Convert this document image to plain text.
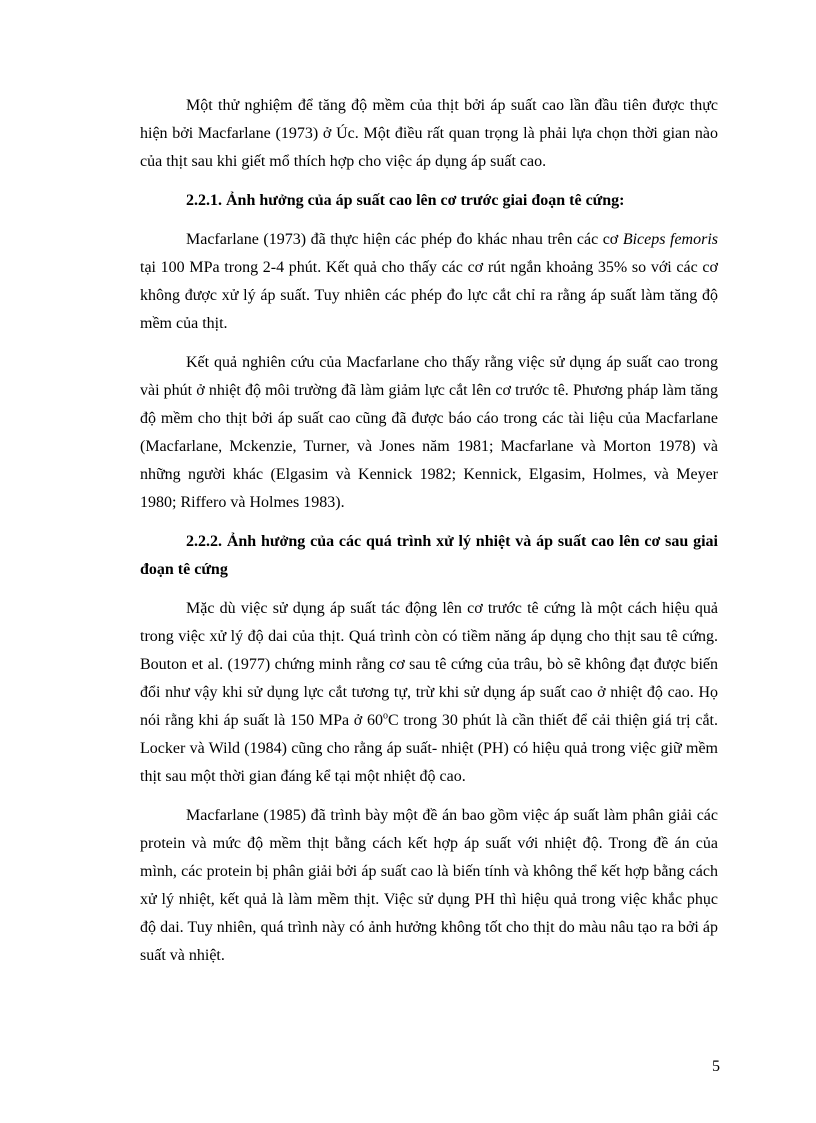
Một thử nghiệm để tăng độ mềm của thịt bởi áp suất cao lần đầu tiên được thực hiện bởi Macfarlane (1973) ở Úc. Một điều rất quan trọng là phải lựa chọn thời gian nào của thịt sau khi giết mổ thích hợp cho việc áp dụng áp suất cao.

2.2.1. Ảnh hưởng của áp suất cao lên cơ trước giai đoạn tê cứng:

Macfarlane (1973) đã thực hiện các phép đo khác nhau trên các cơ Biceps femoris tại 100 MPa trong 2-4 phút. Kết quả cho thấy các cơ rút ngắn khoảng 35% so với các cơ không được xử lý áp suất. Tuy nhiên các phép đo lực cắt chỉ ra rằng áp suất làm tăng độ mềm của thịt.

Kết quả nghiên cứu của Macfarlane cho thấy rằng việc sử dụng áp suất cao trong vài phút ở nhiệt độ môi trường đã làm giảm lực cắt lên cơ trước tê. Phương pháp làm tăng độ mềm cho thịt bởi áp suất cao cũng đã được báo cáo trong các tài liệu của Macfarlane (Macfarlane, Mckenzie, Turner, và Jones năm 1981; Macfarlane và Morton 1978) và những người khác (Elgasim và Kennick 1982; Kennick, Elgasim, Holmes, và Meyer 1980; Riffero và Holmes 1983).

2.2.2. Ảnh hưởng của các quá trình xử lý nhiệt và áp suất cao lên cơ sau giai đoạn tê cứng

Mặc dù việc sử dụng áp suất tác động lên cơ trước tê cứng là một cách hiệu quả trong việc xử lý độ dai của thịt. Quá trình còn có tiềm năng áp dụng cho thịt sau tê cứng. Bouton et al. (1977) chứng minh rằng cơ sau tê cứng của trâu, bò sẽ không đạt được biến đổi như vậy khi sử dụng lực cắt tương tự, trừ khi sử dụng áp suất cao ở nhiệt độ cao. Họ nói rằng khi áp suất là 150 MPa ở 60$^o$C trong 30 phút là cần thiết để cải thiện giá trị cắt. Locker và Wild (1984) cũng cho rằng áp suất- nhiệt (PH) có hiệu quả trong việc giữ mềm thịt sau một thời gian đáng kể tại một nhiệt độ cao.

Macfarlane (1985) đã trình bày một đề án bao gồm việc áp suất làm phân giải các protein và mức độ mềm thịt bằng cách kết hợp áp suất với nhiệt độ. Trong đề án của mình, các protein bị phân giải bởi áp suất cao là biến tính và không thể kết hợp bằng cách xử lý nhiệt, kết quả là làm mềm thịt. Việc sử dụng PH thì hiệu quả trong việc khắc phục độ dai. Tuy nhiên, quá trình này có ảnh hưởng không tốt cho thịt do màu nâu tạo ra bởi áp suất và nhiệt.

5
